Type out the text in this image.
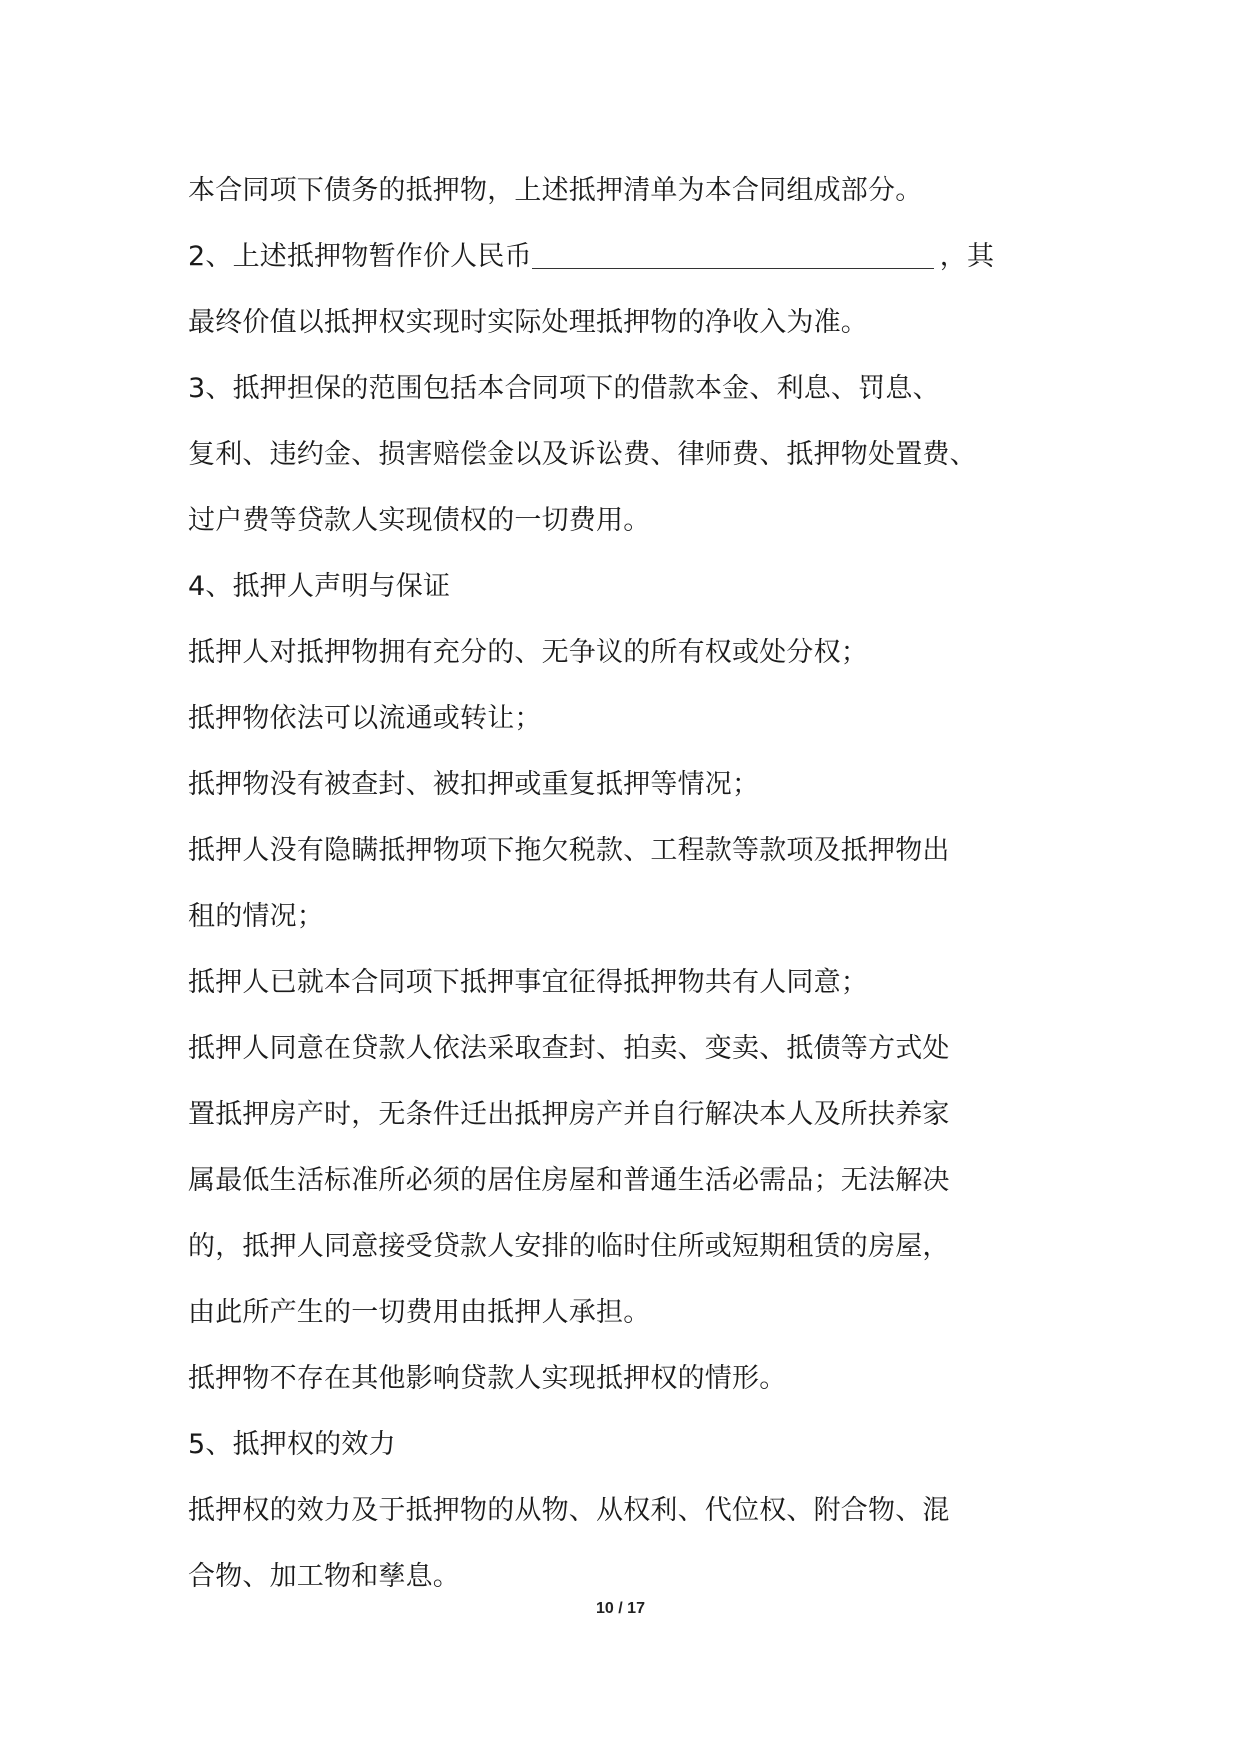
本合同项下债务的抵押物，上述抵押清单为本合同组成部分。
2、上述抵押物暂作价人民币	，其
最终价值以抵押权实现时实际处理抵押物的净收入为准。
3、抵押担保的范围包括本合同项下的借款本金、利息、罚息、
复利、违约金、损害赔偿金以及诉讼费、律师费、抵押物处置费、
过户费等贷款人实现债权的一切费用。
4、抵押人声明与保证
抵押人对抵押物拥有充分的、无争议的所有权或处分权；
抵押物依法可以流通或转让；
抵押物没有被查封、被扣押或重复抵押等情况；
抵押人没有隐瞒抵押物项下拖欠税款、工程款等款项及抵押物出
租的情况；
抵押人已就本合同项下抵押事宜征得抵押物共有人同意；
抵押人同意在贷款人依法采取查封、拍卖、变卖、抵债等方式处
置抵押房产时，无条件迁出抵押房产并自行解决本人及所扶养家
属最低生活标准所必须的居住房屋和普通生活必需品；无法解决
的，抵押人同意接受贷款人安排的临时住所或短期租赁的房屋，
由此所产生的一切费用由抵押人承担。
抵押物不存在其他影响贷款人实现抵押权的情形。
5、抵押权的效力
抵押权的效力及于抵押物的从物、从权利、代位权、附合物、混
合物、加工物和孳息。
10 / 17
